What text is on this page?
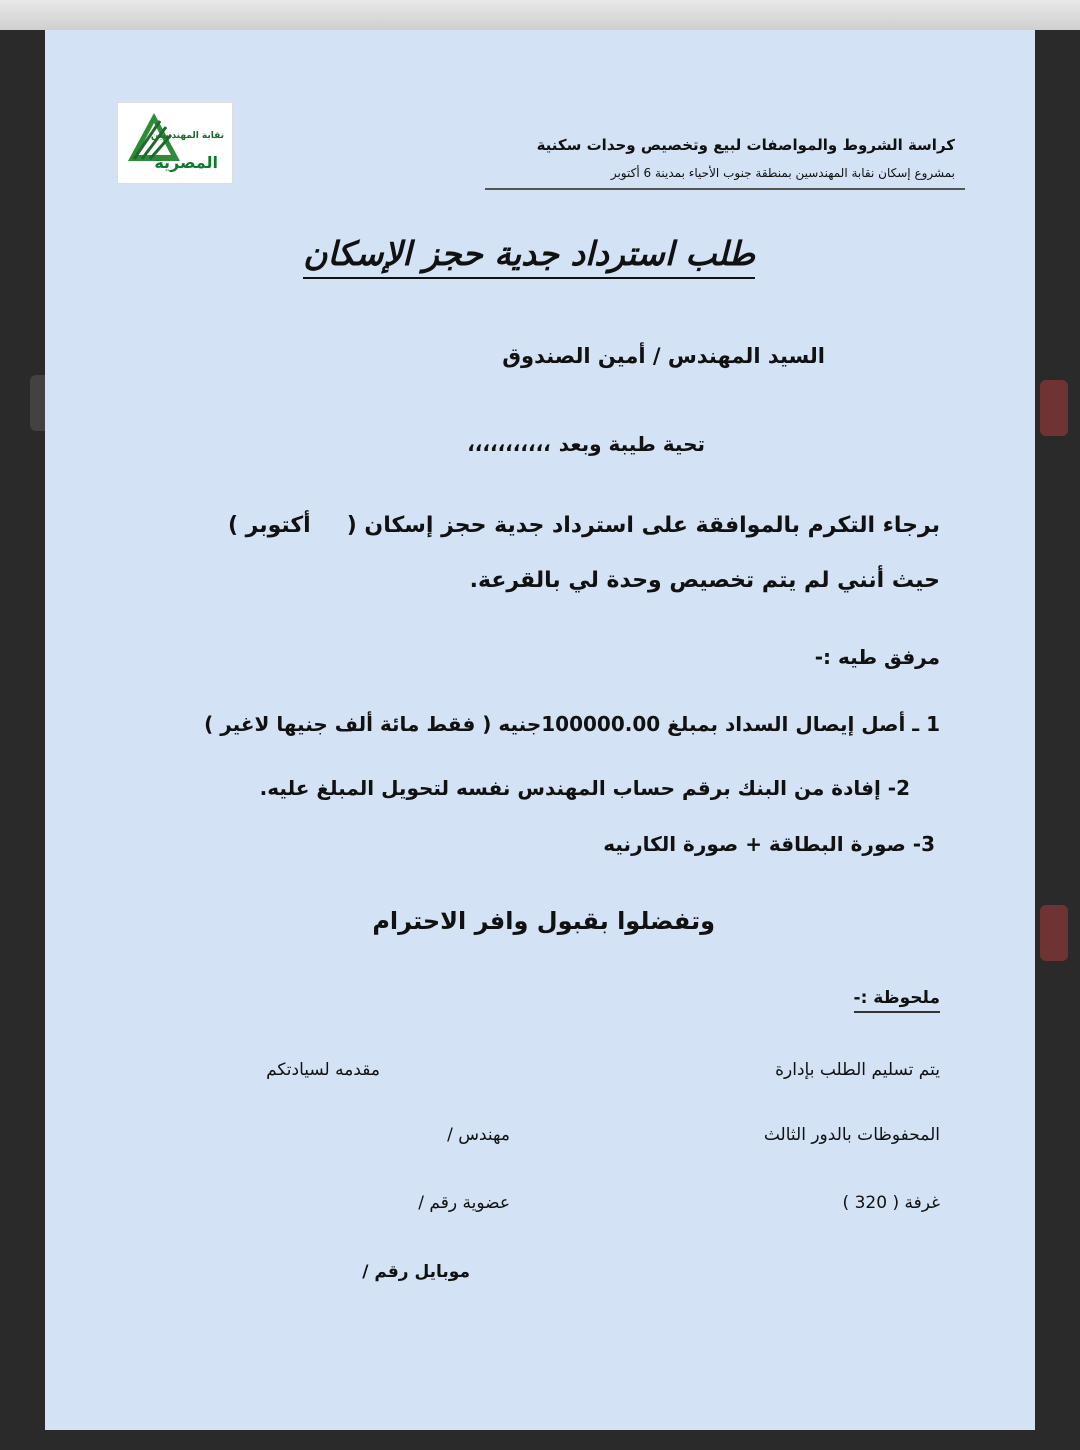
نقابة المهندسين
المصرية
كراسة الشروط والمواصفات لبيع وتخصيص وحدات سكنية
بمشروع إسكان نقابة المهندسين بمنطقة جنوب الأحياء بمدينة 6 أكتوبر
طلب استرداد جدية حجز الإسكان
السيد المهندس / أمين الصندوق
تحية طيبة وبعد،،،،،،،،،،،
برجاء التكرم بالموافقة على استرداد جدية حجز إسكان (أكتوبر )
حيث أنني لم يتم تخصيص وحدة لي بالقرعة.
مرفق طيه :-
1 ـ أصل إيصال السداد بمبلغ 100000.00جنيه ( فقط مائة ألف جنيها لاغير )
2- إفادة من البنك برقم حساب المهندس نفسه لتحويل المبلغ عليه.
3- صورة البطاقة + صورة الكارنيه
وتفضلوا بقبول وافر الاحترام
ملحوظة :-
يتم تسليم الطلب بإدارة
مقدمه لسيادتكم
المحفوظات بالدور الثالث
مهندس /
غرفة ( 320 )
عضوية رقم /
موبايل رقم /
